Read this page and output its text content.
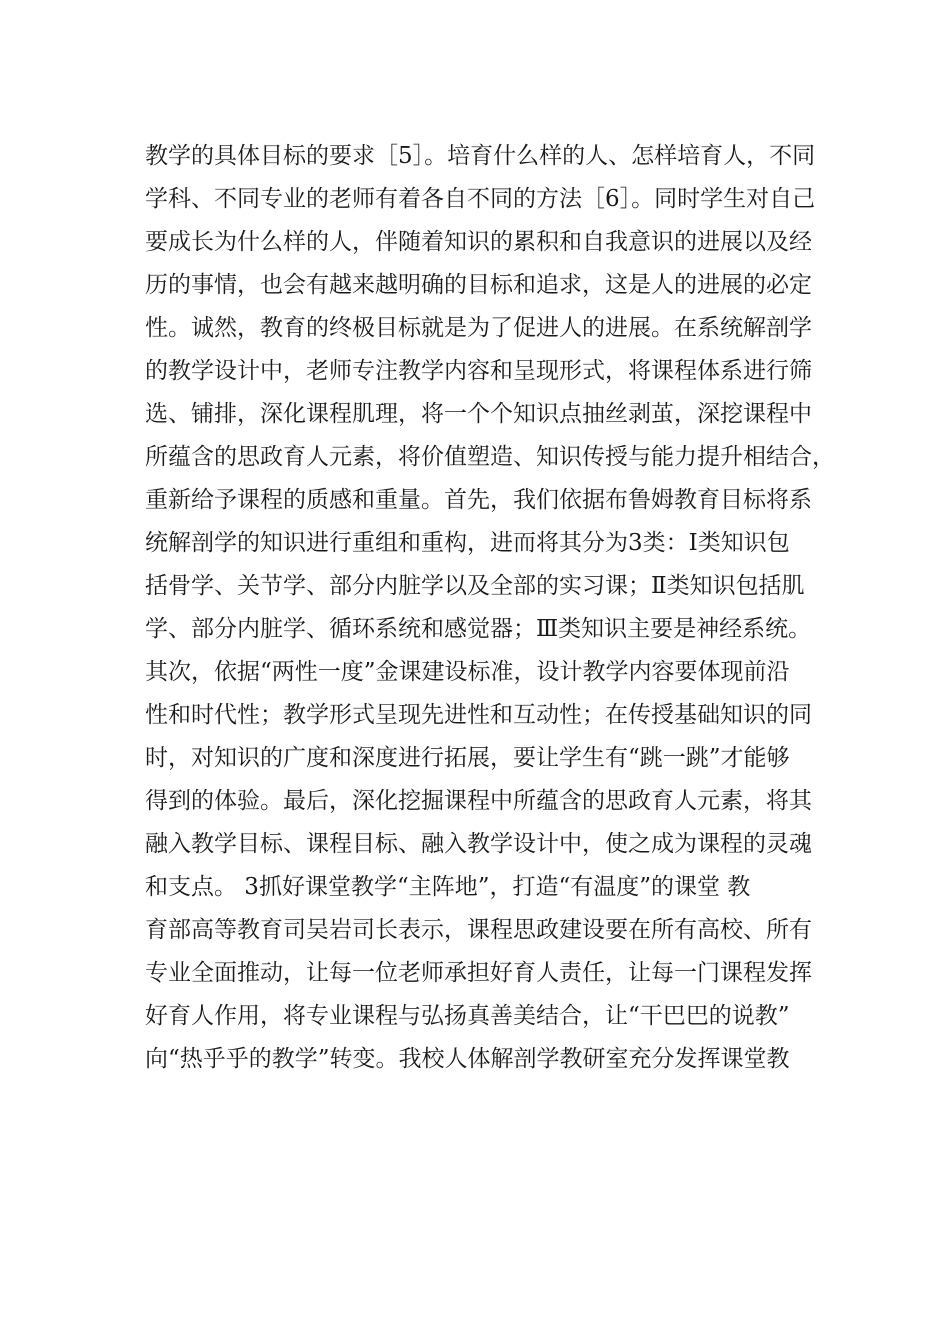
教学的具体目标的要求［5］。培育什么样的人、怎样培育人，不同
学科、不同专业的老师有着各自不同的方法［6］。同时学生对自己
要成长为什么样的人，伴随着知识的累积和自我意识的进展以及经
历的事情，也会有越来越明确的目标和追求，这是人的进展的必定
性。诚然，教育的终极目标就是为了促进人的进展。在系统解剖学
的教学设计中，老师专注教学内容和呈现形式，将课程体系进行筛
选、铺排，深化课程肌理，将一个个知识点抽丝剥茧，深挖课程中
所蕴含的思政育人元素，将价值塑造、知识传授与能力提升相结合，
重新给予课程的质感和重量。首先，我们依据布鲁姆教育目标将系
统解剖学的知识进行重组和重构，进而将其分为3类：Ⅰ类知识包
括骨学、关节学、部分内脏学以及全部的实习课；Ⅱ类知识包括肌
学、部分内脏学、循环系统和感觉器；Ⅲ类知识主要是神经系统。
其次，依据“两性一度”金课建设标准，设计教学内容要体现前沿
性和时代性；教学形式呈现先进性和互动性；在传授基础知识的同
时，对知识的广度和深度进行拓展，要让学生有“跳一跳”才能够
得到的体验。最后，深化挖掘课程中所蕴含的思政育人元素，将其
融入教学目标、课程目标、融入教学设计中，使之成为课程的灵魂
和支点。 3抓好课堂教学“主阵地”，打造“有温度”的课堂 教
育部高等教育司吴岩司长表示，课程思政建设要在所有高校、所有
专业全面推动，让每一位老师承担好育人责任，让每一门课程发挥
好育人作用，将专业课程与弘扬真善美结合，让“干巴巴的说教”
向“热乎乎的教学”转变。我校人体解剖学教研室充分发挥课堂教
